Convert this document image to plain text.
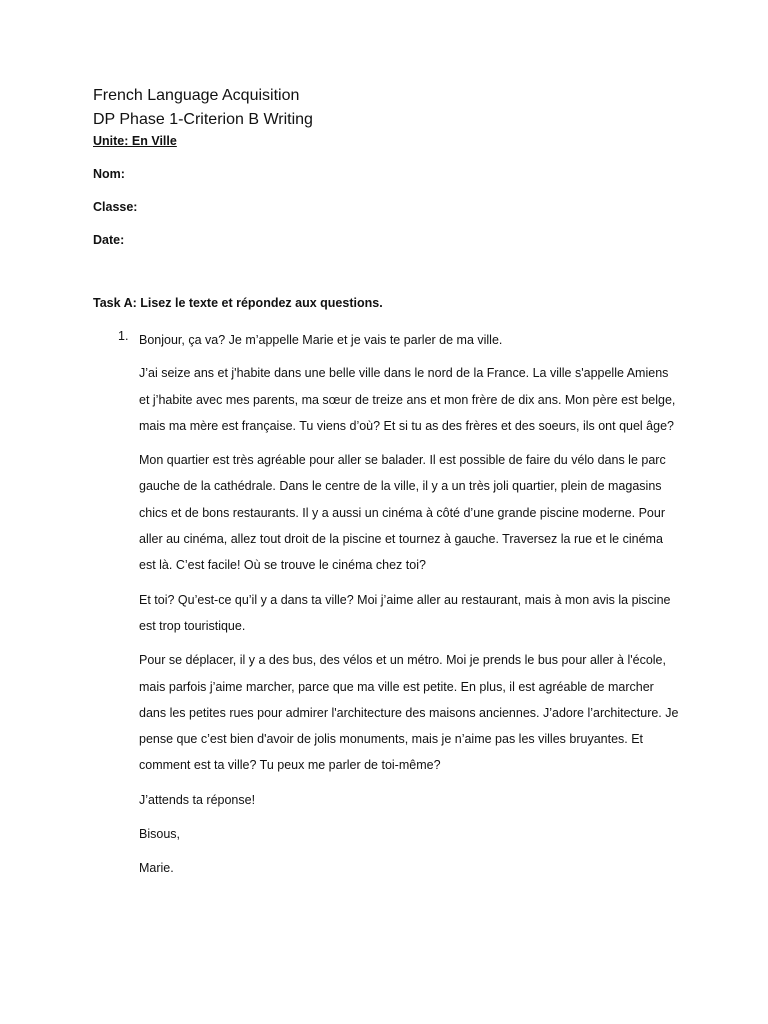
French Language Acquisition
DP Phase 1-Criterion B Writing
Unite: En Ville
Nom:
Classe:
Date:
Task A: Lisez le texte et répondez aux questions.
1. Bonjour, ça va? Je m’appelle Marie et je vais te parler de ma ville.

J’ai seize ans et j'habite dans une belle ville dans le nord de la France. La ville s'appelle Amiens et j’habite avec mes parents, ma sœur de treize ans et mon frère de dix ans. Mon père est belge, mais ma mère est française. Tu viens d’où? Et si tu as des frères et des soeurs, ils ont quel âge?

Mon quartier est très agréable pour aller se balader. Il est possible de faire du vélo dans le parc gauche de la cathédrale. Dans le centre de la ville, il y a un très joli quartier, plein de magasins chics et de bons restaurants. Il y a aussi un cinéma à côté d’une grande piscine moderne. Pour aller au cinéma, allez tout droit de la piscine et tournez à gauche. Traversez la rue et le cinéma est là. C’est facile! Où se trouve le cinéma chez toi?

Et toi? Qu’est-ce qu’il y a dans ta ville? Moi j’aime aller au restaurant, mais à mon avis la piscine est trop touristique.

Pour se déplacer, il y a des bus, des vélos et un métro. Moi je prends le bus pour aller à l'école, mais parfois j’aime marcher, parce que ma ville est petite. En plus, il est agréable de marcher dans les petites rues pour admirer l'architecture des maisons anciennes. J’adore l’architecture. Je pense que c’est bien d'avoir de jolis monuments, mais je n’aime pas les villes bruyantes. Et comment est ta ville? Tu peux me parler de toi-même?

J’attends ta réponse!

Bisous,

Marie.
